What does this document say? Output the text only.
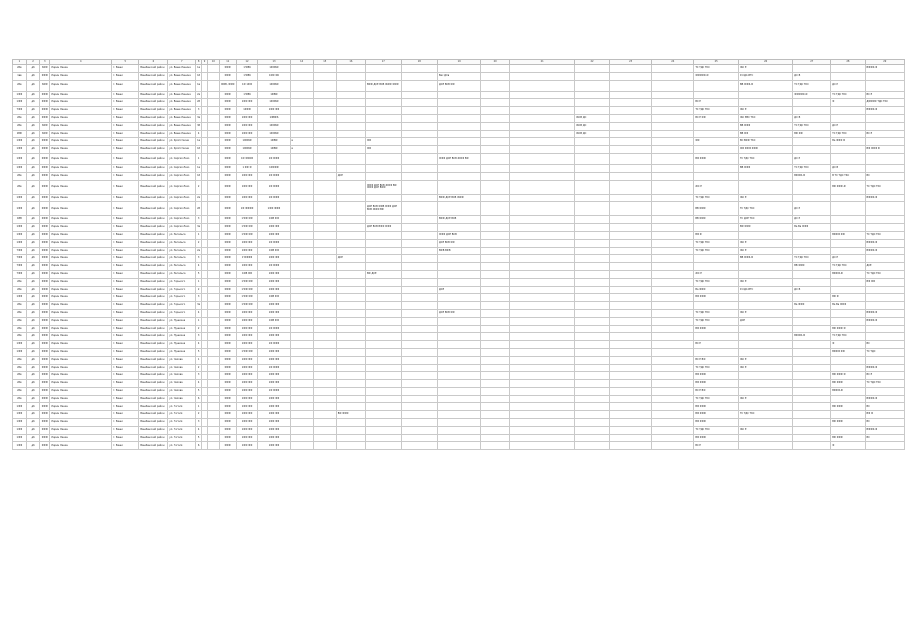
1	2	3	4	5	6	7	8	9	10	11	12	13	14	15	16	17	18	19	20	21	22	23	24	25	26	27	28	29
2бв	д6	6ФФ	Ларин Ленин	г. Ваши	Вашбанский район	ул. Ваше Ленина	1а			ФФФ	1'ФВ6	1ФФ6Ф												ТС ТДС ТКС	ЖС Е			ВФФФ-Ф
1вв	д6	ФФФ	Ларин Ленин	г. Ваши	Вашбанский район	ул. Ваше Ленина	1б			ФФФ	1'ФВ6	1ФФ Ф6						Вас ДСв						ФФФФФ-Ф	Р-СДС-ВТС	ДС В		
2бв	д6	6ФФ	Ларин Ленин	г. Ваши	Вашбанский район	ул. Ваше Ленина	1в			ФФВ, ФФФ	1Ф 1ФФ	1ФФ6Ф				ВФФ ДСЕ ВСВ ЖФФ ФФФ		ДСЕ ВСВ ФФ							ВВ ФФФ-Ф	ТС ТДС ТКС	ДС Р	
1ФФ	д6	ФФФ	Ларин Ленин	г. Ваши	Вашбанский район	ул. Ваше Ленина	2а			ФФФ	1'ФВ6	1ФВФ														ФФФФФ-Ф	ТС ТДС ТКС	ВС Е
1ФФ	д6	ФФФ	Ларин Ленин	г. Ваши	Вашбанский район	ул. Ваше Ленина	2б			ФФФ	1ФФ ФФ	1ФФ6Ф												ВС Е			Ф	ДФФФФ ТДС ТКС
7ФФ	д6	ФФФ	Ларин Ленин	г. Ваши	Вашбанский район	ул. Ваше Ленина	3			ФФФ	1ФФФ	1ФФ ФФ												ТС ТДС ТКС	ЖС Е			ВФФФ-Ф
2бв	д6	ФФФ	Ларин Ленин	г. Ваши	Вашбанский район	ул. Ваше Ленина	3а			ФФФ	1ФФ ФФ	1ФВФ6									ЖСВ ДС			ВС Е ФФ	ЖС ЕВС ТКС	ДС В		
2бв	д6	6ФФ	Ларин Ленин	г. Ваши	Вашбанский район	ул. Ваше Ленина	3б			ФФФ	1ФФ ФФ	1ФФ6Ф									ЖСВ ДС				ВВ ФФФ	ТС ТДС ТКС	ДС Е	
1ВФ	д6	6ФФ	Ларин Ленин	г. Ваши	Вашбанский район	ул. Ваше Ленина	4			ФФФ	1ФФ ФФ	1ФФ6Ф									ЖСВ ДС				ВВ ФФ	ВФ ФФ	ТС ТДС ТКС	ВС Е
1ФФ	д6	ФФФ	Ларин Ленин	г. Ваши	Вашбанский район	ул. Кропоткина	1а			ФФФ	1ФФ6Ф	1ФВФ	в			ФФ								ФФ	ВС ВФФ ТКС		Ва ФФФ Ф	
1ФФ	д6	ФФФ	Ларин Ленин	г. Ваши	Вашбанский район	ул. Кропоткина	1б			ФФФ	1ФФ6Ф	1ФВФ	в			ФФ									ФФ ФФФ ФФФ			ВФ ФФФ Ф
1ФФ	д6	ФФФ	Ларин Ленин	г. Ваши	Вашбанский район	ул. Сергея Лазо	1			ФФФ	1Ф ФФ6Ф	1Ф ФФФ						ФФФ ДСЕ ВСВ ЖФФ ВФ						ВФ ФФФ	ТС ТДС ТКС	ДС Р		
1ФФ	д6	ФФФ	Ларин Ленин	г. Ваши	Вашбанский район	ул. Сергея Лазо	1а			ФФФ	1 ФФ Ф	1ФФФФ													ВВ ФФФ	ТС ТДС ТКС	ДС В	
2бв	д6	ФФФ	Ларин Ленин	г. Ваши	Вашбанский район	ул. Сергея Лазо	1б			ФФФ	1ФФ ФФ	1Ф ФФФ			ДСЕ											ВФФФ-Ф	В ТС ТДС ТКС	ВС
2бв	д6	ФФФ	Ларин Ленин	г. Ваши	Вашбанский район	ул. Сергея Лазо	2			ФФФ	1ФФ ФФ	1Ф ФФФ				ФФФ ДСЕ ВСВ ЖФФ ВФ ФФФ ДСЕ ВФФ								ЖС Е			ВФ ФФФ-Ф	ТС ТДС ТКС
1ФФ	д6	ФФФ	Ларин Ленин	г. Ваши	Вашбанский район	ул. Сергея Лазо	2а			ФФФ	1ФФ ФФ	1Ф ФФФ						ВФФ ДСЕ ВСВ ЖФФ						ТС ТДС ТКС	ЖС Е			ВФФФ-Ф
1ФФ	д6	ФФФ	Ларин Ленин	г. Ваши	Вашбанский район	ул. Сергея Лазо	2б			ФФФ	1Ф ФФФФ	1ФФ ФФФ				ДСЕ ВСВ ФФВ ФФФ ДСЕ ВСВ ЖФФ ВФ								ВВ ФФФ	ТС ТДС ТКС	ДС Р		
1ВВ	д6	ФФФ	Ларин Ленин	г. Ваши	Вашбанский район	ул. Сергея Лазо	3			ФФФ	1'ФФ ФФ	1ФВ ФФ						ВФФ ДСЕ ВСВ						ВВ ФФФ	ТС ДСЕ ТКС	ДС Р		
1ФФ	д6	ФФФ	Ларин Ленин	г. Ваши	Вашбанский район	ул. Сергея Лазо	3а			ФФФ	1'ФФ ФФ	1ФФ ФФ				ДСЕ ВСВ ВФФ ФФФ									ВФ ФФФ	Ва Ва ФФФ		
1ФФ	д6	ФФФ	Ларин Ленин	г. Ваши	Вашбанский район	ул. Энгельса	1			ФФФ	1'ФФ ФФ	1ФФ ФФ						ФФФ ДСЕ ВСВ						ВФ Ф			ВФФФ ФФ	ТС ТДС ТКС
1ФФ	д6	ФФФ	Ларин Ленин	г. Ваши	Вашбанский район	ул. Энгельса	2			ФФФ	1ФФ ФФ	1Ф ФФФ						ДСЕ ВСВ ФФ						ТС ТДС ТКС	ЖС Е			ВФФФ-Ф
7ФФ	д6	ФФФ	Ларин Ленин	г. Ваши	Вашбанский район	ул. Энгельса	2а			ФФФ	1ФФ ФФ	1ФВ ФФ						ВФВ ВФВ						ТС ТДС ТКС	ЖС Е			ВФФФ-Ф
7ФФ	д6	ФФФ	Ларин Ленин	г. Ваши	Вашбанский район	ул. Энгельса	3			ФФФ	1'ФФФФ	1ФФ ФФ			ДСЕ										ВВ ФФФ-Ф	ТС ТДС ТКС	ДС Е	
7ФФ	д6	ФФФ	Ларин Ленин	г. Ваши	Вашбанский район	ул. Энгельса	4			ФФФ	1ФФ ФФ	1Ф ФФФ														ВВ ФФФ	ТС ТДС ТКС	ДСЕ
7ФФ	д6	ФФФ	Ларин Ленин	г. Ваши	Вашбанский район	ул. Энгельса	5			ФФФ	1ФВ ФФ	1ФФ ФФ				ВФ ДСЕ								ЖС Е			ВФФФ-Ф	ТС ТДС ТКС
2бв	д6	ФФФ	Ларин Ленин	г. Ваши	Вашбанский район	ул. Горького	1			ФФФ	1'ФФ ФФ	1ФФ ФФ												ТС ТДС ТКС	ЖС Е			ВФ ФФ
2бв	д6	ФФФ	Ларин Ленин	г. Ваши	Вашбанский район	ул. Горького	2			ФФФ	1'ФФ ФФ	1ФФ ФФ						ДСЕ						Ва ФФФ	Р-СДС-ВТС	ДС В		
1ФФ	д6	ФФФ	Ларин Ленин	г. Ваши	Вашбанский район	ул. Горького	3			ФФФ	1'ФФ ФФ	1ФВ ФФ												ВФ ФФФ			ВФ Ф	
2бв	д6	ФФФ	Ларин Ленин	г. Ваши	Вашбанский район	ул. Горького	3а			ФФФ	1'ФФ ФФ	1ФФ ФФ														Ва ФФФ	Ва Ва ФФФ	
2бв	д6	ФФФ	Ларин Ленин	г. Ваши	Вашбанский район	ул. Горького	4			ФФФ	1ФФ ФФ	1ФФ ФФ						ДСЕ ВСВ ФФ						ТС ТДС ТКС	ЖС Е			ВФФФ-Ф
2бв	д6	ФФФ	Ларин Ленин	г. Ваши	Вашбанский район	ул. Пушкина	1			ФФФ	1ФФ ФФ	1ФВ ФФ												ТС ТДС ТКС	ДСЕ			ВФФФ-Ф
2бв	д6	ФФФ	Ларин Ленин	г. Ваши	Вашбанский район	ул. Пушкина	2			ФФФ	1ФФ ФФ	1Ф ФФФ												ВФ ФФФ			ВФ ФФФ Ф	
2бв	д6	ФФФ	Ларин Ленин	г. Ваши	Вашбанский район	ул. Пушкина	3			ФФФ	1ФФ ФФ	1ФФ ФФ														ВФФФ-Ф	ТС ТДС ТКС	
1ФФ	д6	ФФФ	Ларин Ленин	г. Ваши	Вашбанский район	ул. Пушкина	4			ФФФ	1ФФ ФФ	1Ф ФФФ												ВС Е			Ф	ВС
1ФФ	д6	ФФФ	Ларин Ленин	г. Ваши	Вашбанский район	ул. Пушкина	5			ФФФ	1'ФФ ФФ	1ФФ ФФ															ВФФФ ФФ	ТС ТДС
2бв	д6	ФФФ	Ларин Ленин	г. Ваши	Вашбанский район	ул. Чехова	1			ФФФ	1ФФ ФФ	1ФФ ФФ												ВС Е ВФ	ЖС Е			
2бв	д6	ФФФ	Ларин Ленин	г. Ваши	Вашбанский район	ул. Чехова	2			ФФФ	1ФФ ФФ	1Ф ФФФ												ТС ТДС ТКС	ЖС Е			ВФФФ-Ф
2бв	д6	ФФФ	Ларин Ленин	г. Ваши	Вашбанский район	ул. Чехова	3			ФФФ	1ФФ ФФ	1ФФ ФФ												ВФ ФФФ			ВФ ФФФ Ф	ВС Е
2бв	д6	ФФФ	Ларин Ленин	г. Ваши	Вашбанский район	ул. Чехова	4			ФФФ	1ФФ ФФ	1ФФ ФФ												ВФ ФФФ			ВФ ФФФ	ТС ТДС ТКС
2бв	д6	ФФФ	Ларин Ленин	г. Ваши	Вашбанский район	ул. Чехова	5			ФФФ	1ФФ ФФ	1Ф ФФФ												ВС Е ВФ			ВФФФ-Ф	
2бв	д6	ФФФ	Ларин Ленин	г. Ваши	Вашбанский район	ул. Чехова	6			ФФФ	1ФФ ФФ	1ФФ ФФ												ТС ТДС ТКС	ЖС Е			ВФФФ-Ф
1ФФ	д6	ФФФ	Ларин Ленин	г. Ваши	Вашбанский район	ул. Гоголя	1			ФФФ	1ФФ ФФ	1ФФ ФФ												ВФ ФФФ			ВФ ФФФ	ВС
1ФФ	д6	ФФФ	Ларин Ленин	г. Ваши	Вашбанский район	ул. Гоголя	2			ФФФ	1ФФ ФФ	1ФФ ФФ			ВФ ФФФ									ВФ ФФФ	ТС ТДС ТКС			ВФ Ф
1ФФ	д6	ФФФ	Ларин Ленин	г. Ваши	Вашбанский район	ул. Гоголя	3			ФФФ	1ФФ ФФ	1ФФ ФФ												ВФ ФФФ			ВФ ФФФ	ВС
1ФФ	д6	ФФФ	Ларин Ленин	г. Ваши	Вашбанский район	ул. Гоголя	4			ФФФ	1ФФ ФФ	1ФФ ФФ												ТС ТДС ТКС	ЖС Е			ВФФФ-Ф
1ФФ	д6	ФФФ	Ларин Ленин	г. Ваши	Вашбанский район	ул. Гоголя	5			ФФФ	1ФФ ФФ	1ФФ ФФ												ВФ ФФФ			ВФ ФФФ	ВС
1ФФ	д6	ФФФ	Ларин Ленин	г. Ваши	Вашбанский район	ул. Гоголя	6			ФФФ	1ФФ ФФ	1ФФ ФФ												ВС Е			Ф	
